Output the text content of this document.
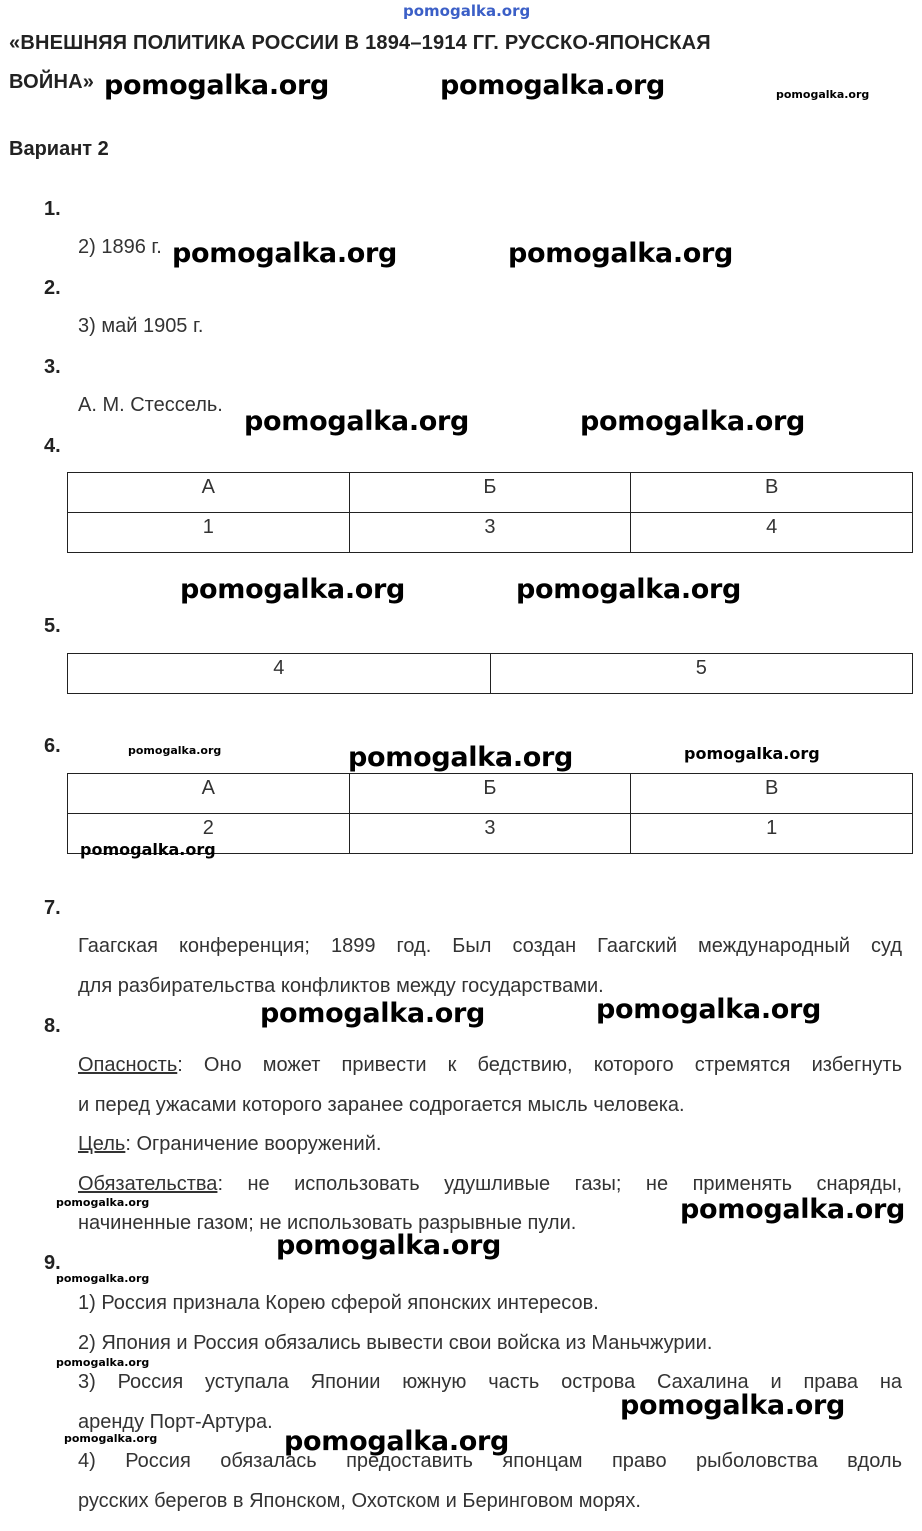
pomogalka.org
«ВНЕШНЯЯ ПОЛИТИКА РОССИИ В 1894–1914 ГГ. РУССКО-ЯПОНСКАЯ
ВОЙНА»
Вариант 2
1.
2) 1896 г.
2.
3) май 1905 г.
3.
А. М. Стессель.
4.
А	Б	В
1	3	4
5.
4	5
6.
А	Б	В
2	3	1
7.
Гаагская конференция; 1899 год. Был создан Гаагский международный суд
для разбирательства конфликтов между государствами.
8.
Опасность: Оно может привести к бедствию, которого стремятся избегнуть
и перед ужасами которого заранее содрогается мысль человека.
Цель: Ограничение вооружений.
Обязательства: не использовать удушливые газы; не применять снаряды,
начиненные газом; не использовать разрывные пули.
9.
1) Россия признала Корею сферой японских интересов.
2) Япония и Россия обязались вывести свои войска из Маньчжурии.
3) Россия уступала Японии южную часть острова Сахалина и права на
аренду Порт-Артура.
4) Россия обязалась предоставить японцам право рыболовства вдоль
русских берегов в Японском, Охотском и Беринговом морях.
pomogalka.org	pomogalka.org
pomogalka.org	pomogalka.org
pomogalka.org	pomogalka.org
pomogalka.org	pomogalka.org
pomogalka.org
pomogalka.org	pomogalka.org
pomogalka.org
pomogalka.org
pomogalka.org
pomogalka.org
pomogalka.org
pomogalka.org
pomogalka.org
pomogalka.org
pomogalka.org
pomogalka.org
pomogalka.org
pomogalka.org
